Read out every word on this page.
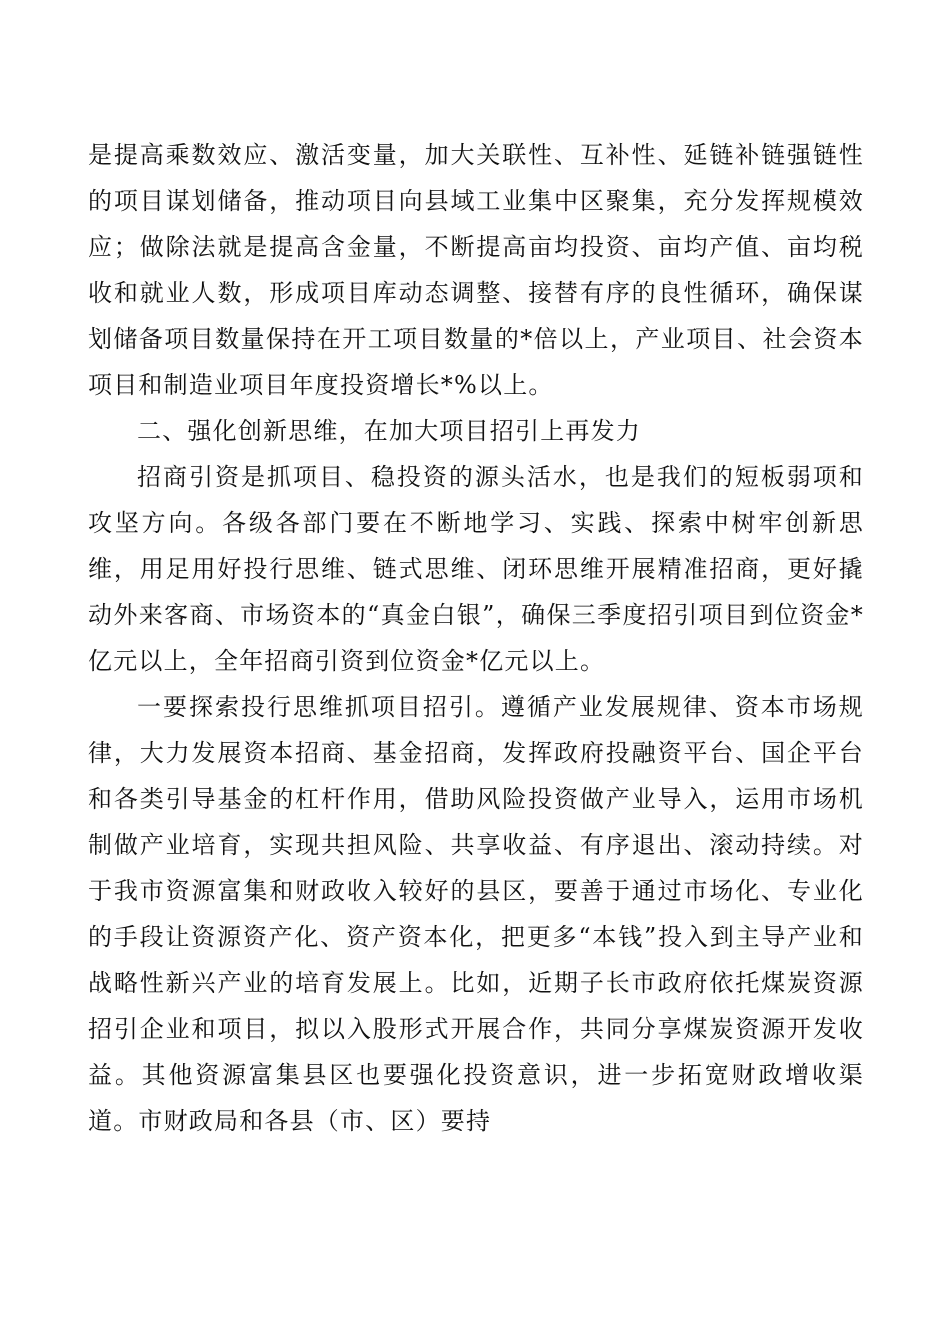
是提高乘数效应、激活变量，加大关联性、互补性、延链补链强链性的项目谋划储备，推动项目向县域工业集中区聚集，充分发挥规模效应；做除法就是提高含金量，不断提高亩均投资、亩均产值、亩均税收和就业人数，形成项目库动态调整、接替有序的良性循环，确保谋划储备项目数量保持在开工项目数量的*倍以上，产业项目、社会资本项目和制造业项目年度投资增长*%以上。

二、强化创新思维，在加大项目招引上再发力

招商引资是抓项目、稳投资的源头活水，也是我们的短板弱项和攻坚方向。各级各部门要在不断地学习、实践、探索中树牢创新思维，用足用好投行思维、链式思维、闭环思维开展精准招商，更好撬动外来客商、市场资本的“真金白银”，确保三季度招引项目到位资金*亿元以上，全年招商引资到位资金*亿元以上。

一要探索投行思维抓项目招引。遵循产业发展规律、资本市场规律，大力发展资本招商、基金招商，发挥政府投融资平台、国企平台和各类引导基金的杠杆作用，借助风险投资做产业导入，运用市场机制做产业培育，实现共担风险、共享收益、有序退出、滚动持续。对于我市资源富集和财政收入较好的县区，要善于通过市场化、专业化的手段让资源资产化、资产资本化，把更多“本钱”投入到主导产业和战略性新兴产业的培育发展上。比如，近期子长市政府依托煤炭资源招引企业和项目，拟以入股形式开展合作，共同分享煤炭资源开发收益。其他资源富集县区也要强化投资意识，进一步拓宽财政增收渠道。市财政局和各县（市、区）要持
